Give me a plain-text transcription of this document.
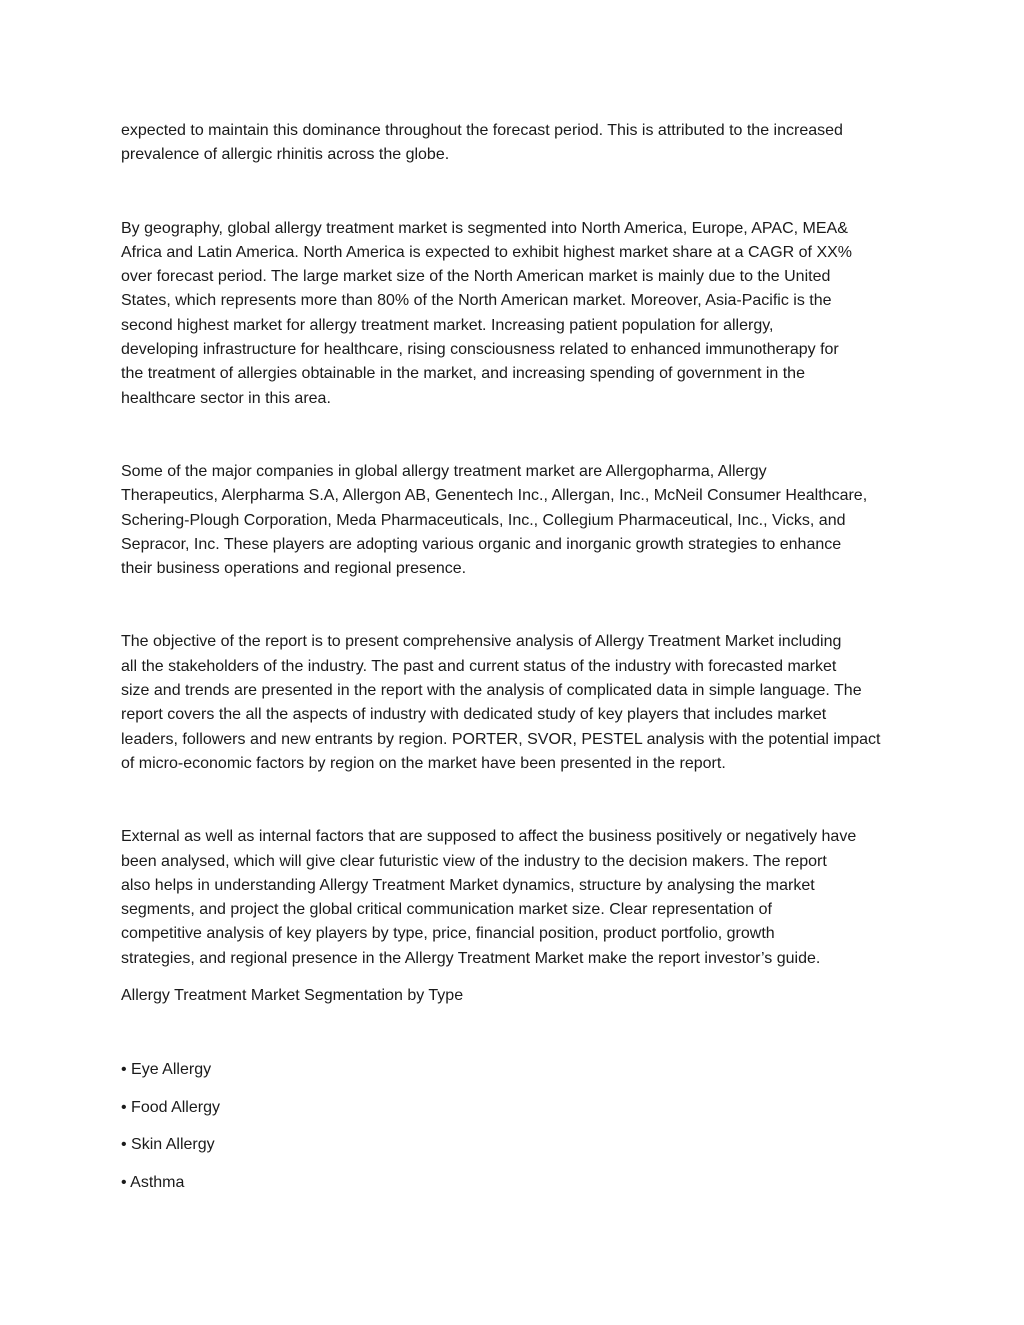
expected to maintain this dominance throughout the forecast period. This is attributed to the increased
prevalence of allergic rhinitis across the globe.

By geography, global allergy treatment market is segmented into North America, Europe, APAC, MEA&
Africa and Latin America. North America is expected to exhibit highest market share at a CAGR of XX%
over forecast period. The large market size of the North American market is mainly due to the United
States, which represents more than 80% of the North American market. Moreover, Asia-Pacific is the
second highest market for allergy treatment market. Increasing patient population for allergy,
developing infrastructure for healthcare, rising consciousness related to enhanced immunotherapy for
the treatment of allergies obtainable in the market, and increasing spending of government in the
healthcare sector in this area.

Some of the major companies in global allergy treatment market are Allergopharma, Allergy
Therapeutics, Alerpharma S.A, Allergon AB, Genentech Inc., Allergan, Inc., McNeil Consumer Healthcare,
Schering-Plough Corporation, Meda Pharmaceuticals, Inc., Collegium Pharmaceutical, Inc., Vicks, and
Sepracor, Inc. These players are adopting various organic and inorganic growth strategies to enhance
their business operations and regional presence.

The objective of the report is to present comprehensive analysis of Allergy Treatment Market including
all the stakeholders of the industry. The past and current status of the industry with forecasted market
size and trends are presented in the report with the analysis of complicated data in simple language. The
report covers the all the aspects of industry with dedicated study of key players that includes market
leaders, followers and new entrants by region. PORTER, SVOR, PESTEL analysis with the potential impact
of micro-economic factors by region on the market have been presented in the report.

External as well as internal factors that are supposed to affect the business positively or negatively have
been analysed, which will give clear futuristic view of the industry to the decision makers. The report
also helps in understanding Allergy Treatment Market dynamics, structure by analysing the market
segments, and project the global critical communication market size. Clear representation of
competitive analysis of key players by type, price, financial position, product portfolio, growth
strategies, and regional presence in the Allergy Treatment Market make the report investor’s guide.

Allergy Treatment Market Segmentation by Type

• Eye Allergy

• Food Allergy

• Skin Allergy

• Asthma
